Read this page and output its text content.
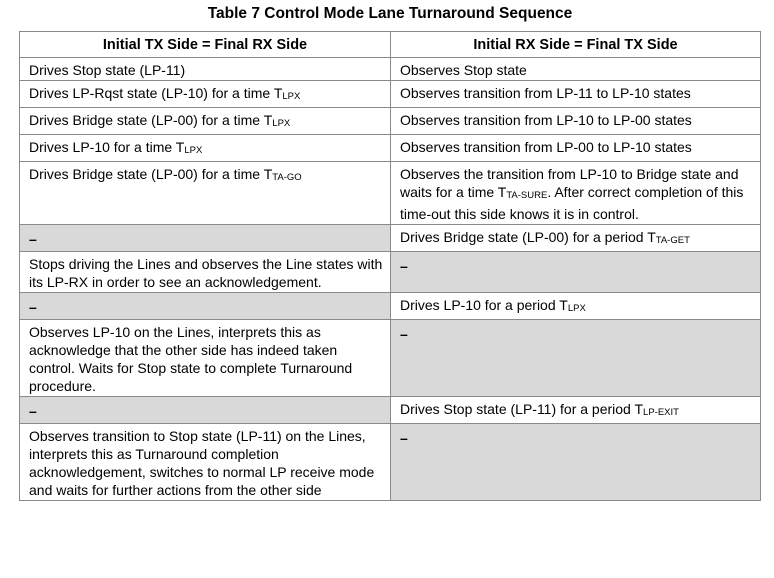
Table 7 Control Mode Lane Turnaround Sequence
Initial TX Side = Final RX Side	Initial RX Side = Final TX Side
Drives Stop state (LP-11)	Observes Stop state
Drives LP-Rqst state (LP-10) for a time TLPX	Observes transition from LP-11 to LP-10 states
Drives Bridge state (LP-00) for a time TLPX	Observes transition from LP-10 to LP-00 states
Drives LP-10 for a time TLPX	Observes transition from LP-00 to LP-10 states
Drives Bridge state (LP-00) for a time TTA-GO	Observes the transition from LP-10 to Bridge state and waits for a time TTA-SURE. After correct completion of this time-out this side knows it is in control.
–	Drives Bridge state (LP-00) for a period TTA-GET
Stops driving the Lines and observes the Line states with its LP-RX in order to see an acknowledgement.	–
–	Drives LP-10 for a period TLPX
Observes LP-10 on the Lines, interprets this as acknowledge that the other side has indeed taken control. Waits for Stop state to complete Turnaround procedure.	–
–	Drives Stop state (LP-11) for a period TLP-EXIT
Observes transition to Stop state (LP-11) on the Lines, interprets this as Turnaround completion acknowledgement, switches to normal LP receive mode and waits for further actions from the other side	–
